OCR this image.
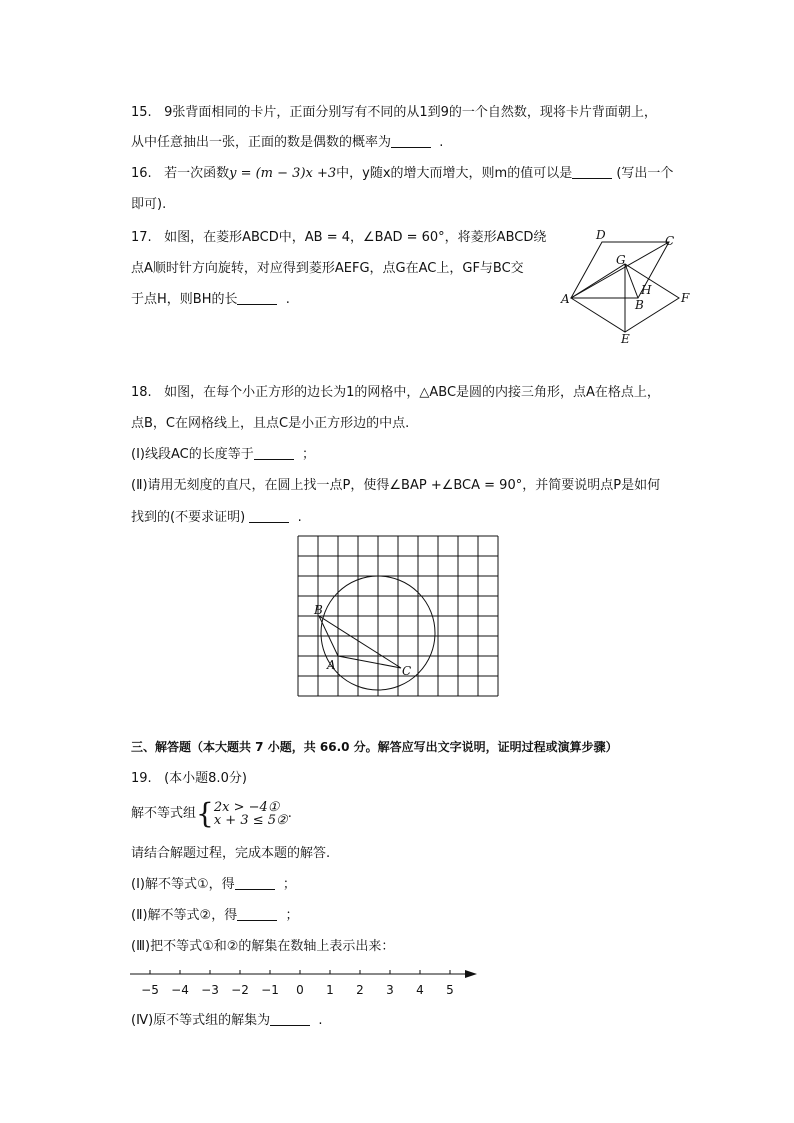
15. 9张背面相同的卡片，正面分别写有不同的从1到9的一个自然数，现将卡片背面朝上，
从中任意抽出一张，正面的数是偶数的概率为	.
16. 若一次函数y = (m − 3)x +3中，y随x的增大而增大，则m的值可以是	(写出一个
即可).
17. 如图，在菱形ABCD中，AB = 4，∠BAD = 60°，将菱形ABCD绕
点A顺时针方向旋转，对应得到菱形AEFG，点G在AC上，GF与BC交
于点H，则BH的长	.
D	C
G
H
A	B	F
E
18. 如图，在每个小正方形的边长为1的网格中，△ABC是圆的内接三角形，点A在格点上，
点B，C在网格线上，且点C是小正方形边的中点.
(Ⅰ)线段AC的长度等于	；
(Ⅱ)请用无刻度的直尺，在圆上找一点P，使得∠BAP +∠BCA = 90°，并简要说明点P是如何
找到的(不要求证明)	.
B
A	C
三、解答题（本大题共 7 小题，共 66.0 分。解答应写出文字说明，证明过程或演算步骤）
19. (本小题8.0分)
解不等式组{ 2x > −4①
x + 3 ≤ 5② .
请结合解题过程，完成本题的解答.
(Ⅰ)解不等式①，得	；
(Ⅱ)解不等式②，得	；
(Ⅲ)把不等式①和②的解集在数轴上表示出来：
−5 −4 −3 −2 −1 0 1 2 3 4 5
(Ⅳ)原不等式组的解集为	.
